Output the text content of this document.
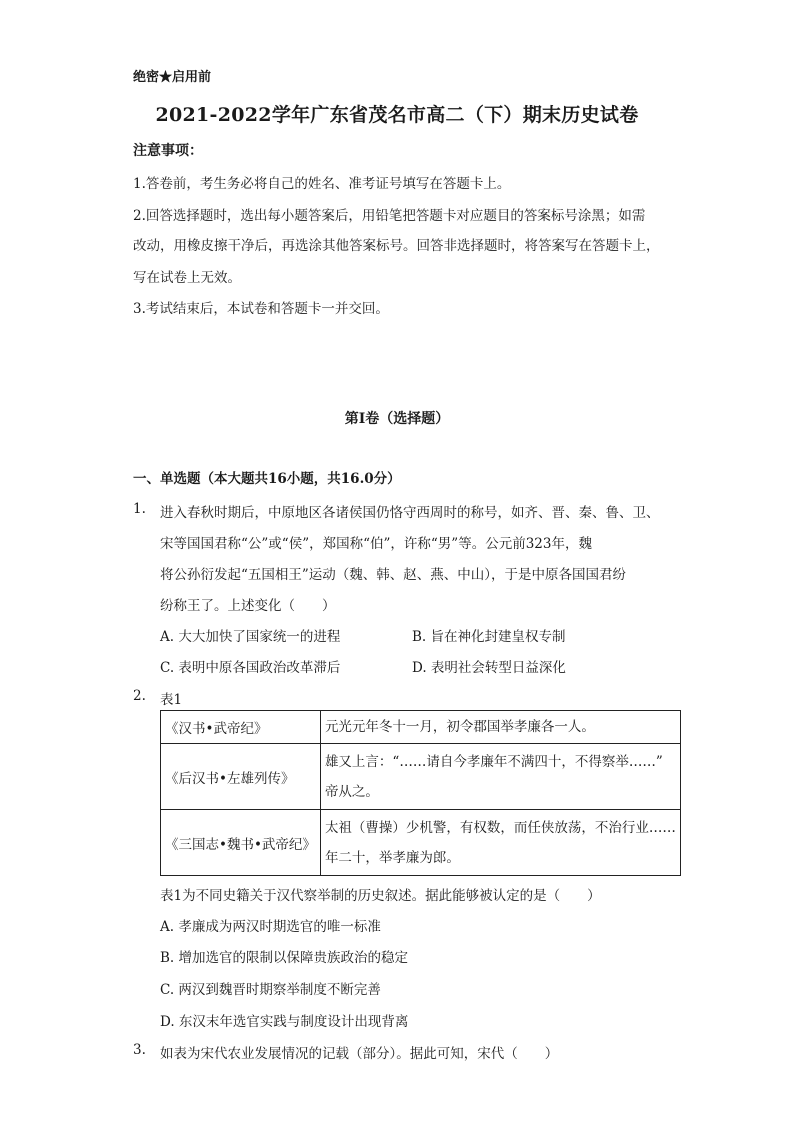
绝密★启用前
2021-2022学年广东省茂名市高二（下）期末历史试卷
注意事项：
1.答卷前，考生务必将自己的姓名、准考证号填写在答题卡上。
2.回答选择题时，选出每小题答案后，用铅笔把答题卡对应题目的答案标号涂黑；如需
改动，用橡皮擦干净后，再选涂其他答案标号。回答非选择题时，将答案写在答题卡上，
写在试卷上无效。
3.考试结束后，本试卷和答题卡一并交回。
第I卷（选择题）
一、单选题（本大题共16小题，共16.0分）
1. 进入春秋时期后，中原地区各诸侯国仍恪守西周时的称号，如齐、晋、秦、鲁、卫、
宋等国国君称“公”或“侯”，郑国称“伯”，许称“男”等。公元前323年，魏
将公孙衍发起“五国相王”运动（魏、韩、赵、燕、中山），于是中原各国国君纷
纷称王了。上述变化（　　）
A. 大大加快了国家统一的进程	B. 旨在神化封建皇权专制
C. 表明中原各国政治改革滞后	D. 表明社会转型日益深化
2. 表1
《汉书•武帝纪》	元光元年冬十一月，初令郡国举孝廉各一人。

《后汉书•左雄列传》	雄又上言：“……请自今孝廉年不满四十，不得察举……”
帝从之。

《三国志•魏书•武帝纪》	太祖（曹操）少机警，有权数，而任侠放荡，不治行业……
年二十，举孝廉为郎。
表1为不同史籍关于汉代察举制的历史叙述。据此能够被认定的是（　　）
A. 孝廉成为两汉时期选官的唯一标准
B. 增加选官的限制以保障贵族政治的稳定
C. 两汉到魏晋时期察举制度不断完善
D. 东汉末年选官实践与制度设计出现背离
3. 如表为宋代农业发展情况的记载（部分）。据此可知，宋代（　　）
